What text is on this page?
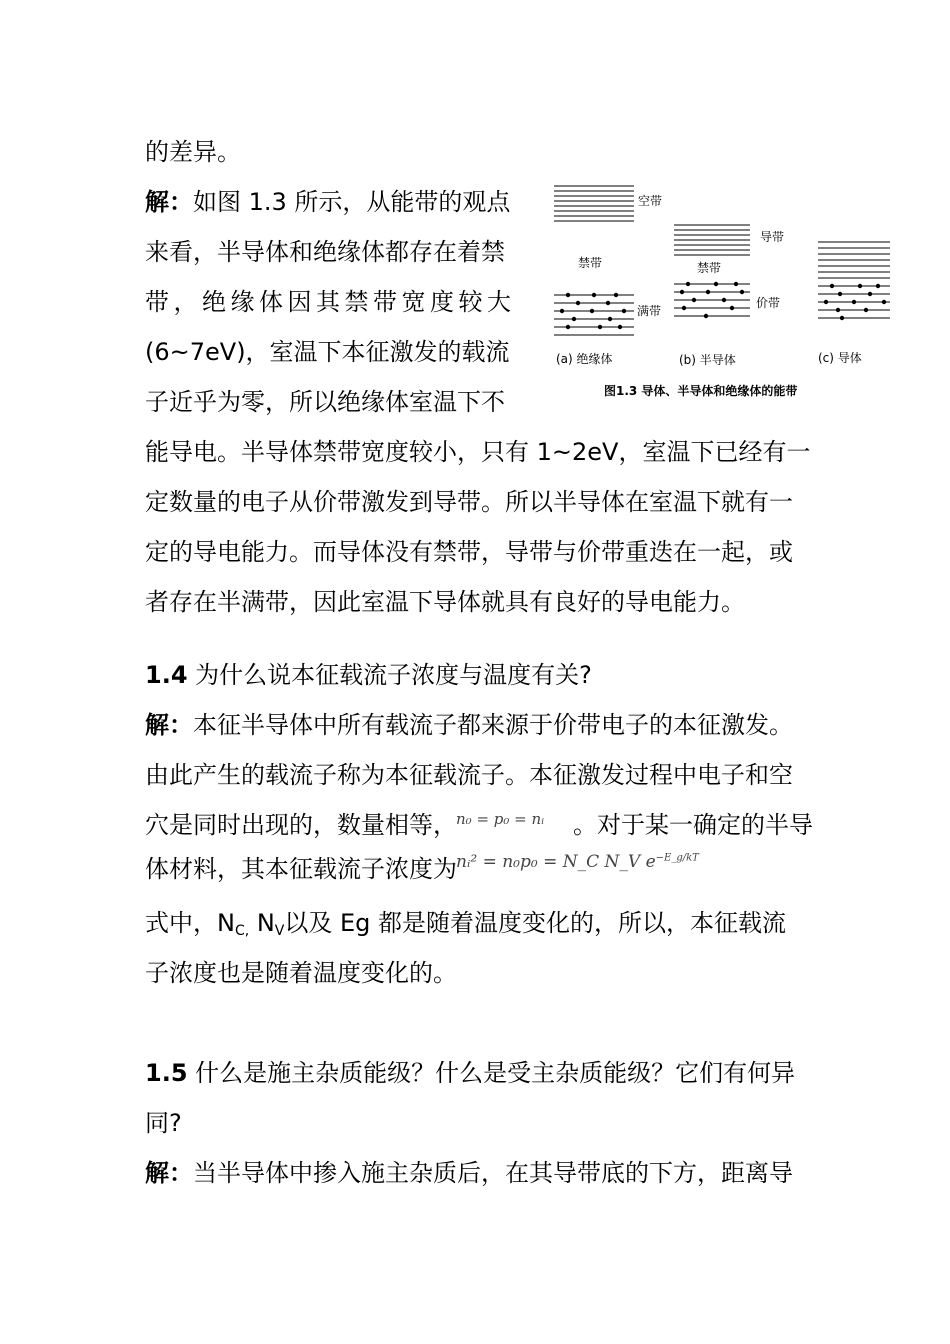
的差异。
解：如图 1.3 所示，从能带的观点
来看，半导体和绝缘体都存在着禁
带，绝缘体因其禁带宽度较大
(6~7eV)，室温下本征激发的载流
子近乎为零，所以绝缘体室温下不
能导电。半导体禁带宽度较小，只有 1~2eV，室温下已经有一
定数量的电子从价带激发到导带。所以半导体在室温下就有一
定的导电能力。而导体没有禁带，导带与价带重迭在一起，或
者存在半满带，因此室温下导体就具有良好的导电能力。
1.4 为什么说本征载流子浓度与温度有关?
解：本征半导体中所有载流子都来源于价带电子的本征激发。
由此产生的载流子称为本征载流子。本征激发过程中电子和空
穴是同时出现的，数量相等，	。对于某一确定的半导
n₀ = p₀ = nᵢ
体材料，其本征载流子浓度为 nᵢ² = n₀p₀ = N_C N_V $e^{-E\_g/kT}$
式中，$N_{C,}$ $N_V$以及 Eg 都是随着温度变化的，所以，本征载流
子浓度也是随着温度变化的。
1.5 什么是施主杂质能级？什么是受主杂质能级？它们有何异
同?
解：当半导体中掺入施主杂质后，在其导带底的下方，距离导
空带
禁带
满带
导带
禁带
价带
(a) 绝缘体	(b) 半导体	(c) 导体
图1.3 导体、半导体和绝缘体的能带
